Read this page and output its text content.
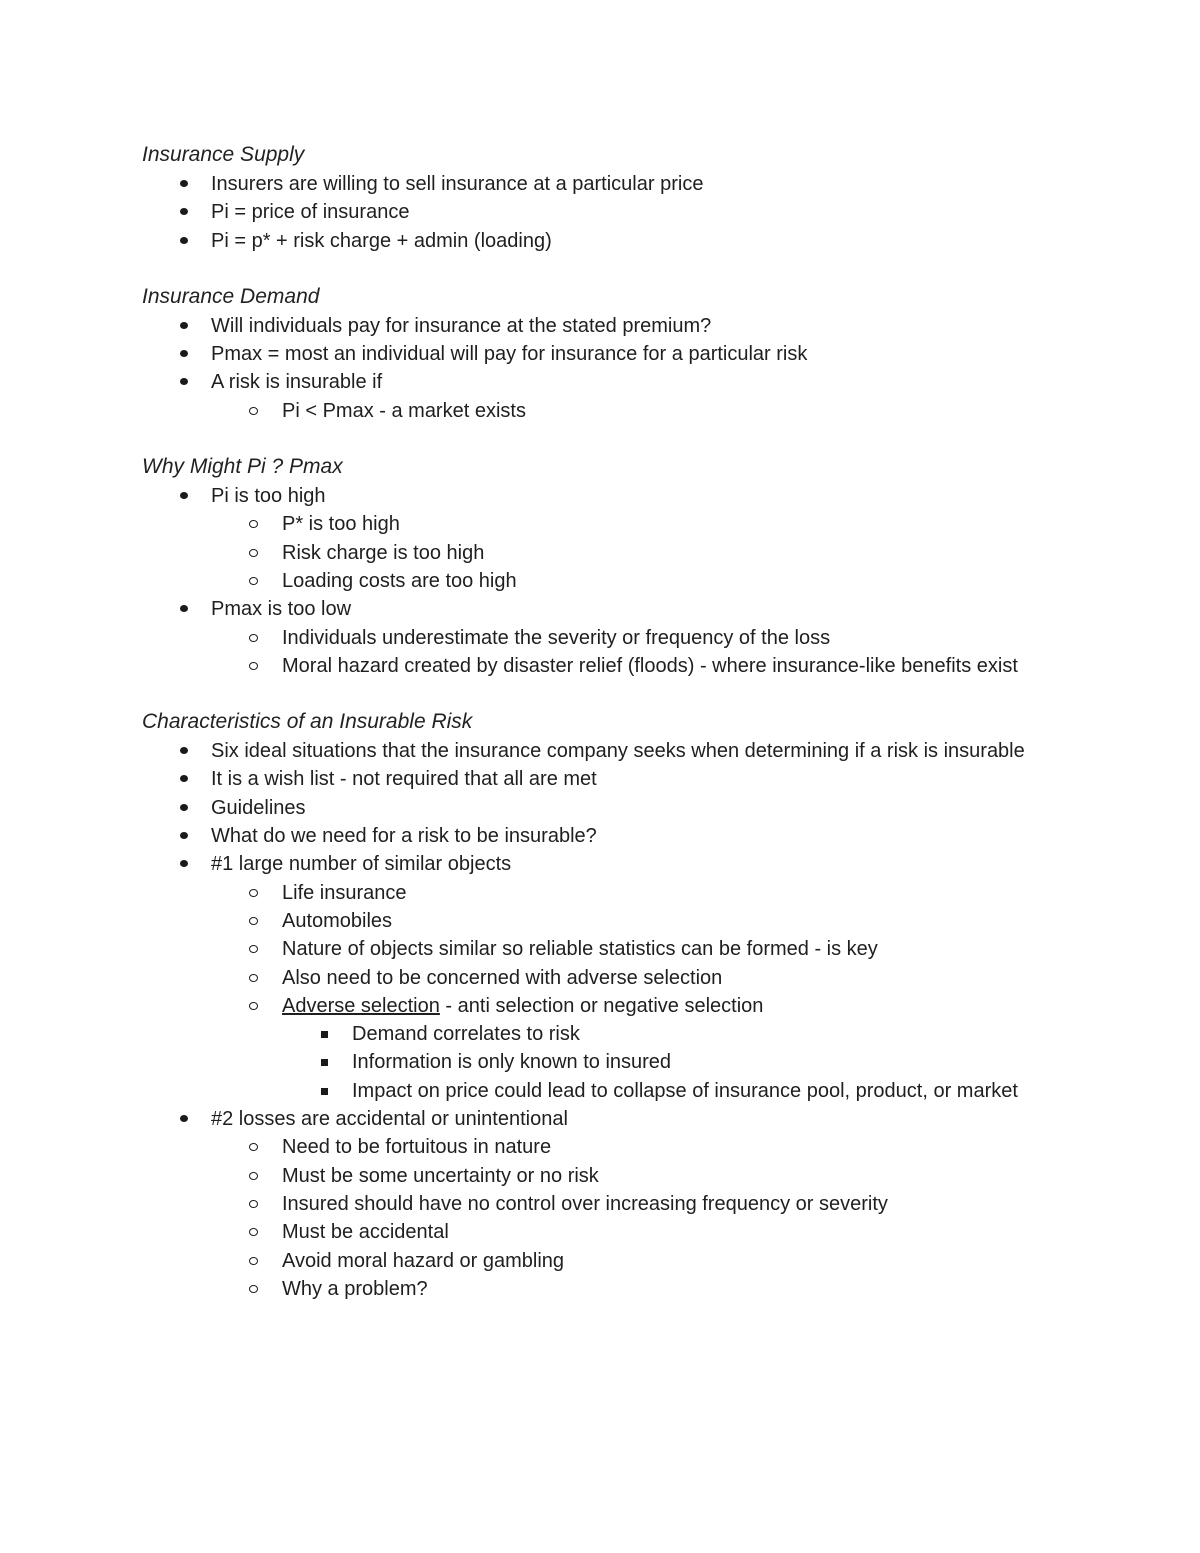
Insurance Supply

Insurers are willing to sell insurance at a particular price
Pi = price of insurance
Pi = p* + risk charge + admin (loading)

Insurance Demand

Will individuals pay for insurance at the stated premium?
Pmax = most an individual will pay for insurance for a particular risk
A risk is insurable if
Pi < Pmax - a market exists

Why Might Pi ? Pmax

Pi is too high
P* is too high
Risk charge is too high
Loading costs are too high
Pmax is too low
Individuals underestimate the severity or frequency of the loss
Moral hazard created by disaster relief (floods) - where insurance-like benefits exist

Characteristics of an Insurable Risk

Six ideal situations that the insurance company seeks when determining if a risk is insurable
It is a wish list - not required that all are met
Guidelines
What do we need for a risk to be insurable?
#1 large number of similar objects
Life insurance
Automobiles
Nature of objects similar so reliable statistics can be formed - is key
Also need to be concerned with adverse selection
Adverse selection - anti selection or negative selection
Demand correlates to risk
Information is only known to insured
Impact on price could lead to collapse of insurance pool, product, or market
#2 losses are accidental or unintentional
Need to be fortuitous in nature
Must be some uncertainty or no risk
Insured should have no control over increasing frequency or severity
Must be accidental
Avoid moral hazard or gambling
Why a problem?
